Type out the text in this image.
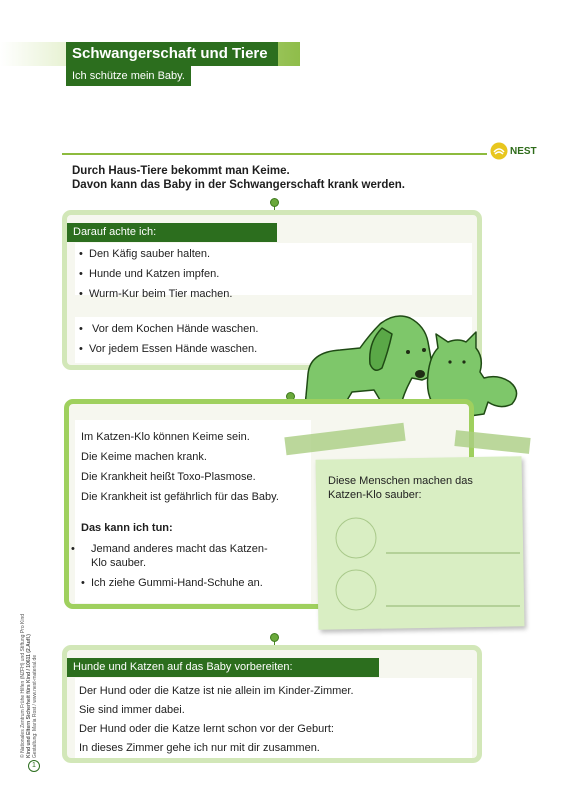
Schwangerschaft und Tiere
Ich schütze mein Baby.
NEST
Durch Haus-Tiere bekommt man Keime.
Davon kann das Baby in der Schwangerschaft krank werden.
Darauf achte ich:
• Den Käfig sauber halten.
• Hunde und Katzen impfen.
• Wurm-Kur beim Tier machen.
• Vor dem Kochen Hände waschen.
• Vor jedem Essen Hände waschen.
Im Katzen-Klo können Keime sein.
Die Keime machen krank.
Die Krankheit heißt Toxo-Plasmose.
Die Krankheit ist gefährlich für das Baby.
Das kann ich tun:
• Jemand anderes macht das Katzen-Klo sauber.
• Ich ziehe Gummi-Hand-Schuhe an.
Diese Menschen machen das
Katzen-Klo sauber:
Hunde und Katzen auf das Baby vorbereiten:
Der Hund oder die Katze ist nie allein im Kinder-Zimmer.
Sie sind immer dabei.
Der Hund oder die Katze lernt schon vor der Geburt:
In dieses Zimmer gehe ich nur mit dir zusammen.
© Nationales Zentrum Frühe Hilfen (NZFH) und Stiftung Pro Kind Kind und Eltern Sicherheit fürs Kind / 10611 (2.Aufl.) Gestaltung: Maria Rost / www.nest-material.de
1
